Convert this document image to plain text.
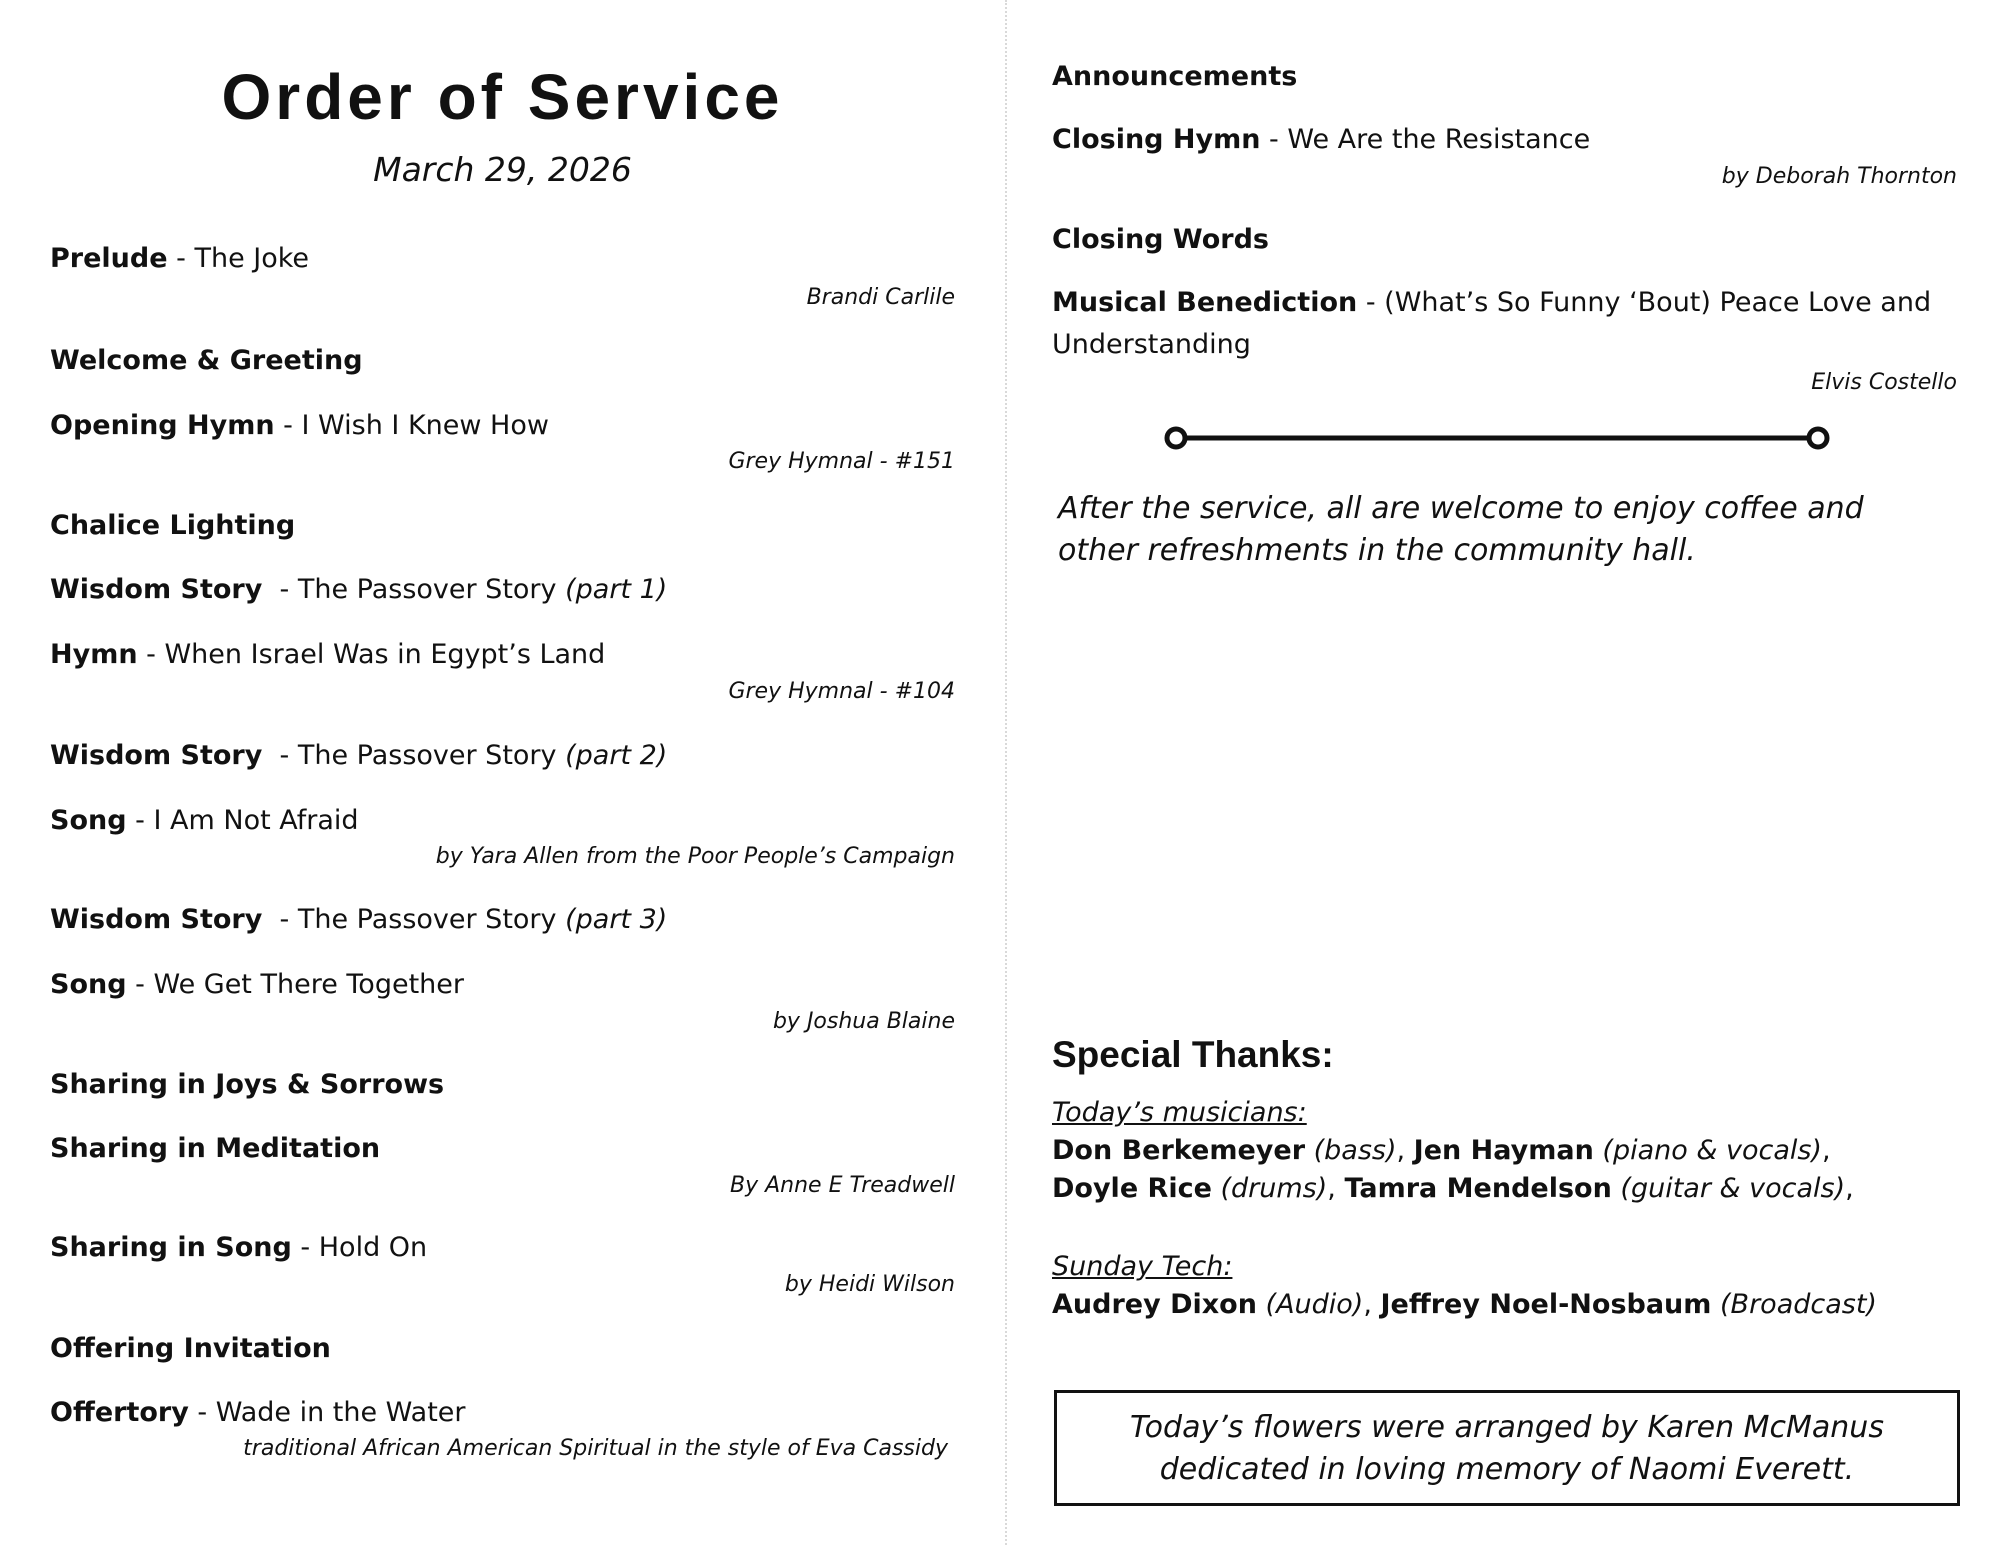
Order of Service
March 29, 2026
Prelude - The Joke
Brandi Carlile
Welcome & Greeting
Opening Hymn - I Wish I Knew How
Grey Hymnal - #151
Chalice Lighting
Wisdom Story  - The Passover Story (part 1)
Hymn - When Israel Was in Egypt’s Land
Grey Hymnal - #104
Wisdom Story  - The Passover Story (part 2)
Song - I Am Not Afraid
by Yara Allen from the Poor People’s Campaign
Wisdom Story  - The Passover Story (part 3)
Song - We Get There Together
by Joshua Blaine
Sharing in Joys & Sorrows
Sharing in Meditation
By Anne E Treadwell
Sharing in Song - Hold On
by Heidi Wilson
Offering Invitation
Offertory - Wade in the Water
traditional African American Spiritual in the style of Eva Cassidy
Announcements
Closing Hymn - We Are the Resistance
by Deborah Thornton
Closing Words
Musical Benediction - (What’s So Funny ‘Bout) Peace Love and Understanding
Elvis Costello
After the service, all are welcome to enjoy coffee and other refreshments in the community hall.
Special Thanks:
Today’s musicians:
Don Berkemeyer (bass), Jen Hayman (piano & vocals),
Doyle Rice (drums), Tamra Mendelson (guitar & vocals),
Sunday Tech:
Audrey Dixon (Audio), Jeffrey Noel-Nosbaum (Broadcast)
Today’s flowers were arranged by Karen McManus
dedicated in loving memory of Naomi Everett.
